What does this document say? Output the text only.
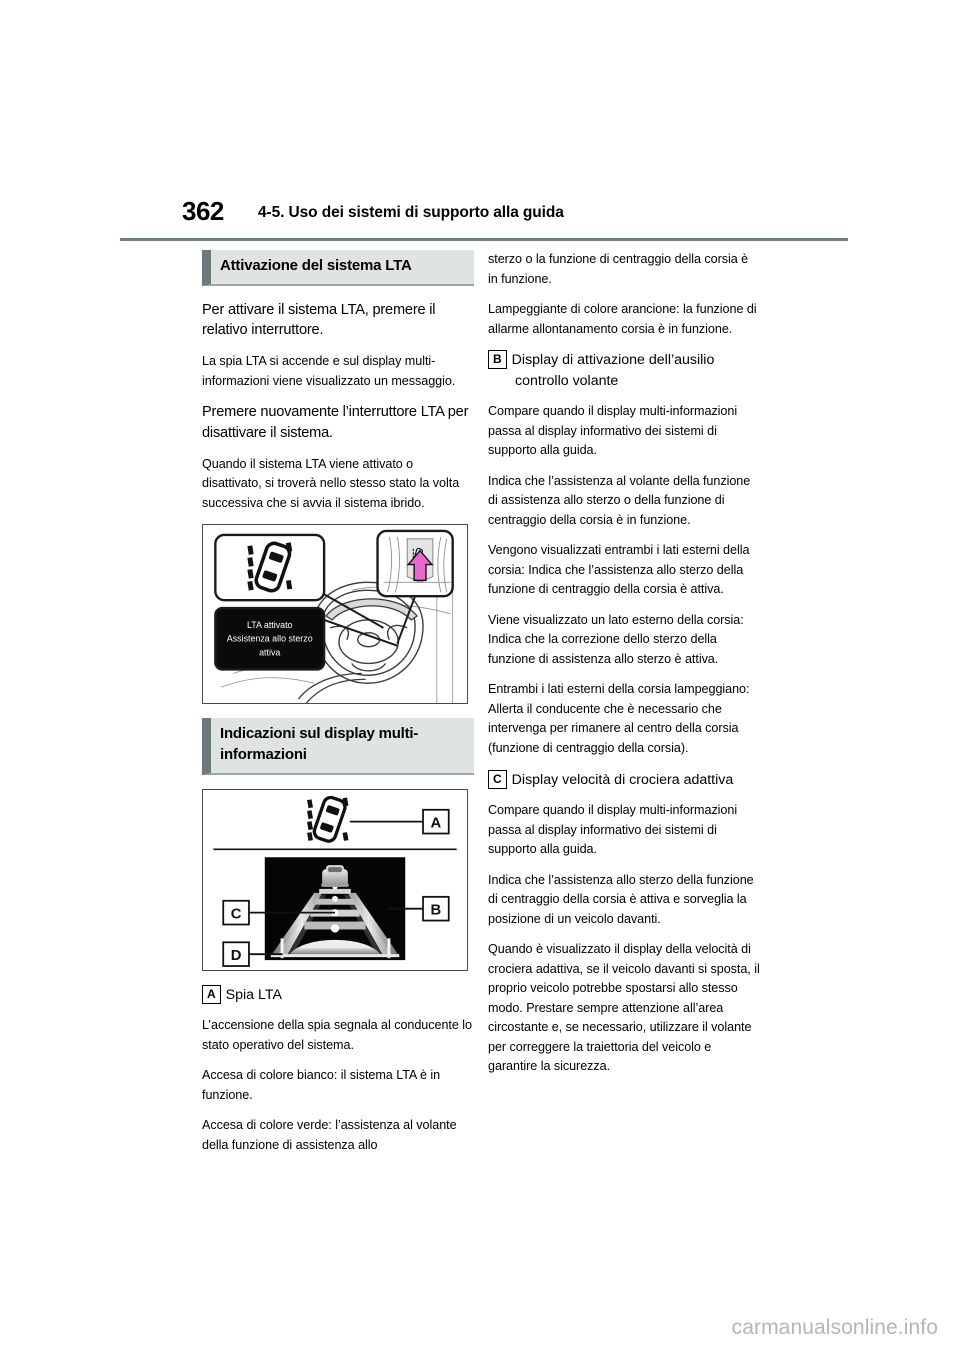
362 4-5. Uso dei sistemi di supporto alla guida
Attivazione del sistema LTA

Per attivare il sistema LTA, premere il relativo interruttore.

La spia LTA si accende e sul display multi-informazioni viene visualizzato un messaggio.

Premere nuovamente l’interruttore LTA per disattivare il sistema.

Quando il sistema LTA viene attivato o disattivato, si troverà nello stesso stato la volta successiva che si avvia il sistema ibrido.

LTA attivato
Assistenza allo sterzo
attiva
Indicazioni sul display multi-informazioni
A
B
C
D
A Spia LTA

L’accensione della spia segnala al conducente lo stato operativo del sistema.

Accesa di colore bianco: il sistema LTA è in funzione.

Accesa di colore verde: l’assistenza al volante della funzione di assistenza allo

sterzo o la funzione di centraggio della corsia è in funzione.

Lampeggiante di colore arancione: la funzione di allarme allontanamento corsia è in funzione.

B Display di attivazione dell’ausilio
controllo volante

Compare quando il display multi-informazioni passa al display informativo dei sistemi di supporto alla guida.

Indica che l’assistenza al volante della funzione di assistenza allo sterzo o della funzione di centraggio della corsia è in funzione.

Vengono visualizzati entrambi i lati esterni della corsia: Indica che l’assistenza allo sterzo della funzione di centraggio della corsia è attiva.

Viene visualizzato un lato esterno della corsia: Indica che la correzione dello sterzo della funzione di assistenza allo sterzo è attiva.

Entrambi i lati esterni della corsia lampeggiano: Allerta il conducente che è necessario che intervenga per rimanere al centro della corsia (funzione di centraggio della corsia).

C Display velocità di crociera adattiva

Compare quando il display multi-informazioni passa al display informativo dei sistemi di supporto alla guida.

Indica che l’assistenza allo sterzo della funzione di centraggio della corsia è attiva e sorveglia la posizione di un veicolo davanti.

Quando è visualizzato il display della velocità di crociera adattiva, se il veicolo davanti si sposta, il proprio veicolo potrebbe spostarsi allo stesso modo. Prestare sempre attenzione all’area circostante e, se necessario, utilizzare il volante per correggere la traiettoria del veicolo e garantire la sicurezza.

carmanualsonline.info
